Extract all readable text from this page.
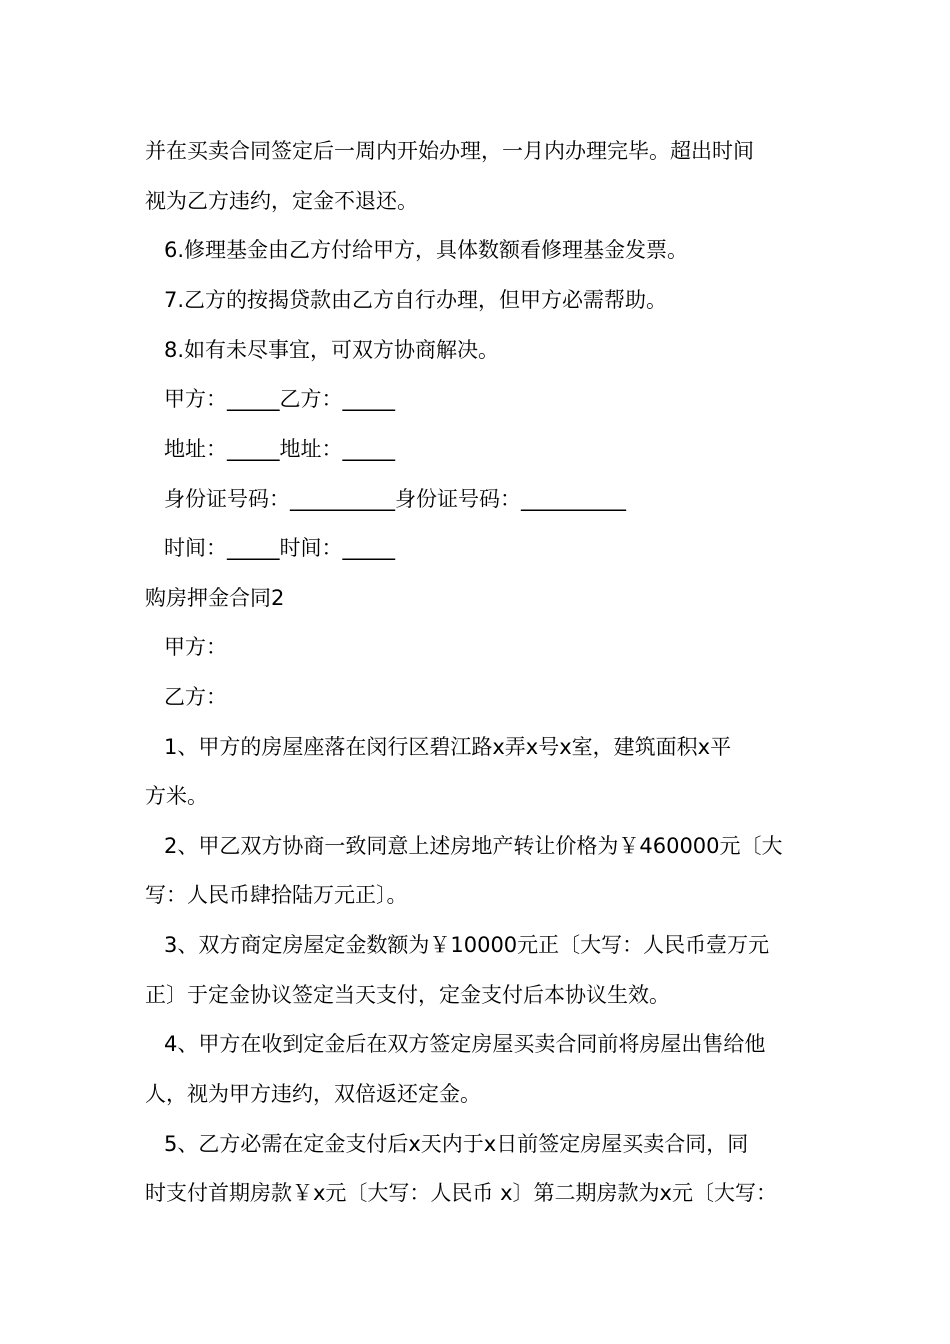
并在买卖合同签定后一周内开始办理，一月内办理完毕。超出时间
视为乙方违约，定金不退还。
6.修理基金由乙方付给甲方，具体数额看修理基金发票。
7.乙方的按揭贷款由乙方自行办理，但甲方必需帮助。
8.如有未尽事宜，可双方协商解决。
甲方：_____乙方：_____
地址：_____地址：_____
身份证号码：__________身份证号码：__________
时间：_____时间：_____
购房押金合同2
甲方：
乙方：
1、甲方的房屋座落在闵行区碧江路x弄x号x室，建筑面积x平
方米。
2、甲乙双方协商一致同意上述房地产转让价格为￥460000元〔大
写：人民币肆拾陆万元正〕。
3、双方商定房屋定金数额为￥10000元正〔大写：人民币壹万元
正〕于定金协议签定当天支付，定金支付后本协议生效。
4、甲方在收到定金后在双方签定房屋买卖合同前将房屋出售给他
人，视为甲方违约，双倍返还定金。
5、乙方必需在定金支付后x天内于x日前签定房屋买卖合同，同
时支付首期房款￥x元〔大写：人民币 x〕第二期房款为x元〔大写：
